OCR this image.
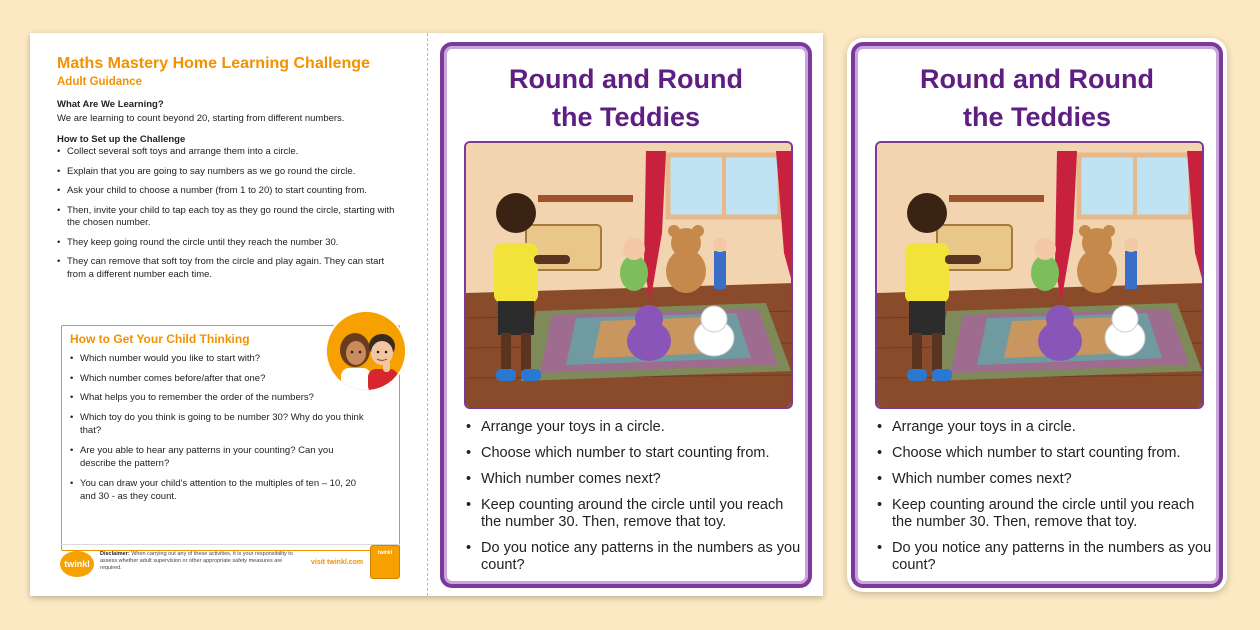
Maths Mastery Home Learning Challenge
Adult Guidance
What Are We Learning?
We are learning to count beyond 20, starting from different numbers.
How to Set up the Challenge
• Collect several soft toys and arrange them into a circle.
• Explain that you are going to say numbers as we go round the circle.
• Ask your child to choose a number (from 1 to 20) to start counting from.
• Then, invite your child to tap each toy as they go round the circle, starting with the chosen number.
• They keep going round the circle until they reach the number 30.
• They can remove that soft toy from the circle and play again. They can start from a different number each time.
How to Get Your Child Thinking
• Which number would you like to start with?
• Which number comes before/after that one?
• What helps you to remember the order of the numbers?
• Which toy do you think is going to be number 30? Why do you think that?
• Are you able to hear any patterns in your counting? Can you describe the pattern?
• You can draw your child's attention to the multiples of ten – 10, 20 and 30 - as they count.
twinkl
Disclaimer: When carrying out any of these activities, it is your responsibility to assess whether adult supervision or other appropriate safety measures are required.
visit twinkl.com
twinkl
Round and Round
the Teddies
• Arrange your toys in a circle.
• Choose which number to start counting from.
• Which number comes next?
• Keep counting around the circle until you reach the number 30. Then, remove that toy.
• Do you notice any patterns in the numbers as you count?
Round and Round
the Teddies
• Arrange your toys in a circle.
• Choose which number to start counting from.
• Which number comes next?
• Keep counting around the circle until you reach the number 30. Then, remove that toy.
• Do you notice any patterns in the numbers as you count?
